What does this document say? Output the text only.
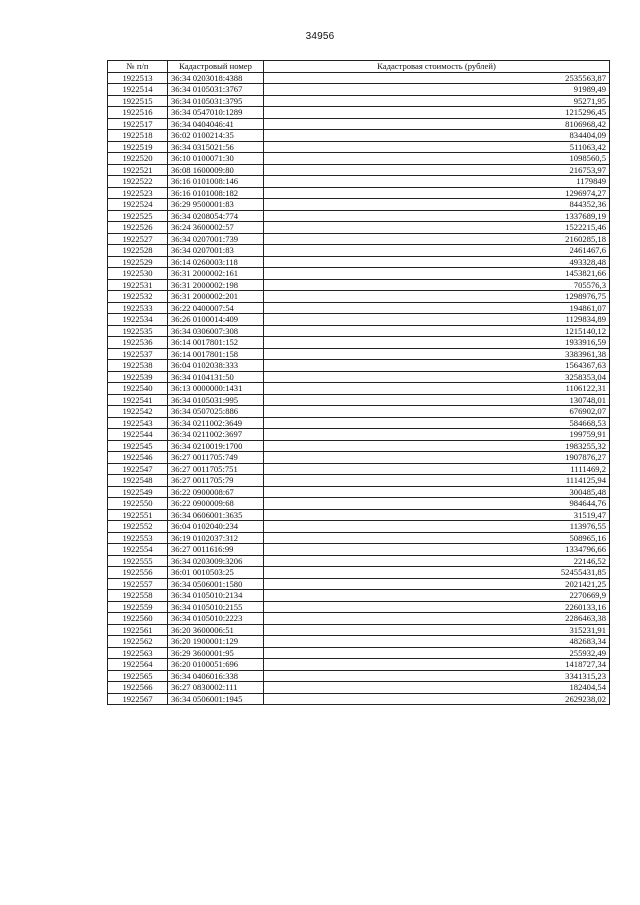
34956
№ п/п	Кадастровый номер	Кадастровая стоимость (рублей)
1922513	36:34 0203018:4388	2535563,87
1922514	36:34 0105031:3767	91989,49
1922515	36:34 0105031:3795	95271,95
1922516	36:34 0547010:1289	1215296,45
1922517	36:34 0404046:41	8106968,42
1922518	36:02 0100214:35	834404,09
1922519	36:34 0315021:56	511063,42
1922520	36:10 0100071:30	1098560,5
1922521	36:08 1600009:80	216753,97
1922522	36:16 0101008:146	1179849
1922523	36:16 0101008:182	1296974,27
1922524	36:29 9500001:83	844352,36
1922525	36:34 0208054:774	1337689,19
1922526	36:24 3600002:57	1522215,46
1922527	36:34 0207001:739	2160285,18
1922528	36:34 0207001:83	2461467,6
1922529	36:14 0260003:118	493328,48
1922530	36:31 2000002:161	1453821,66
1922531	36:31 2000002:198	705576,3
1922532	36:31 2000002:201	1298976,75
1922533	36:22 0400007:54	194861,07
1922534	36:26 0100014:409	1129834,89
1922535	36:34 0306007:308	1215140,12
1922536	36:14 0017801:152	1933916,59
1922537	36:14 0017801:158	3383961,38
1922538	36:04 0102038:333	1564367,63
1922539	36:34 0104131:50	3258353,04
1922540	36:13 0000000:1431	1106122,31
1922541	36:34 0105031:995	130748,01
1922542	36:34 0507025:886	676902,07
1922543	36:34 0211002:3649	584668,53
1922544	36:34 0211002:3697	199759,91
1922545	36:34 0210019:1700	1983255,32
1922546	36:27 0011705:749	1907876,27
1922547	36:27 0011705:751	1111469,2
1922548	36:27 0011705:79	1114125,94
1922549	36:22 0900008:67	300485,48
1922550	36:22 0900009:68	984644,76
1922551	36:34 0606001:3635	31519,47
1922552	36:04 0102040:234	113976,55
1922553	36:19 0102037:312	508965,16
1922554	36:27 0011616:99	1334796,66
1922555	36:34 0203009:3206	22146,52
1922556	36:01 0010503:25	52455431,85
1922557	36:34 0506001:1580	2021421,25
1922558	36:34 0105010:2134	2270669,9
1922559	36:34 0105010:2155	2260133,16
1922560	36:34 0105010:2223	2286463,38
1922561	36:20 3600006:51	315231,91
1922562	36:20 1900001:129	482683,34
1922563	36:29 3600001:95	255932,49
1922564	36:20 0100051:696	1418727,34
1922565	36:34 0406016:338	3341315,23
1922566	36:27 0830002:111	182404,54
1922567	36:34 0506001:1945	2629238,02
